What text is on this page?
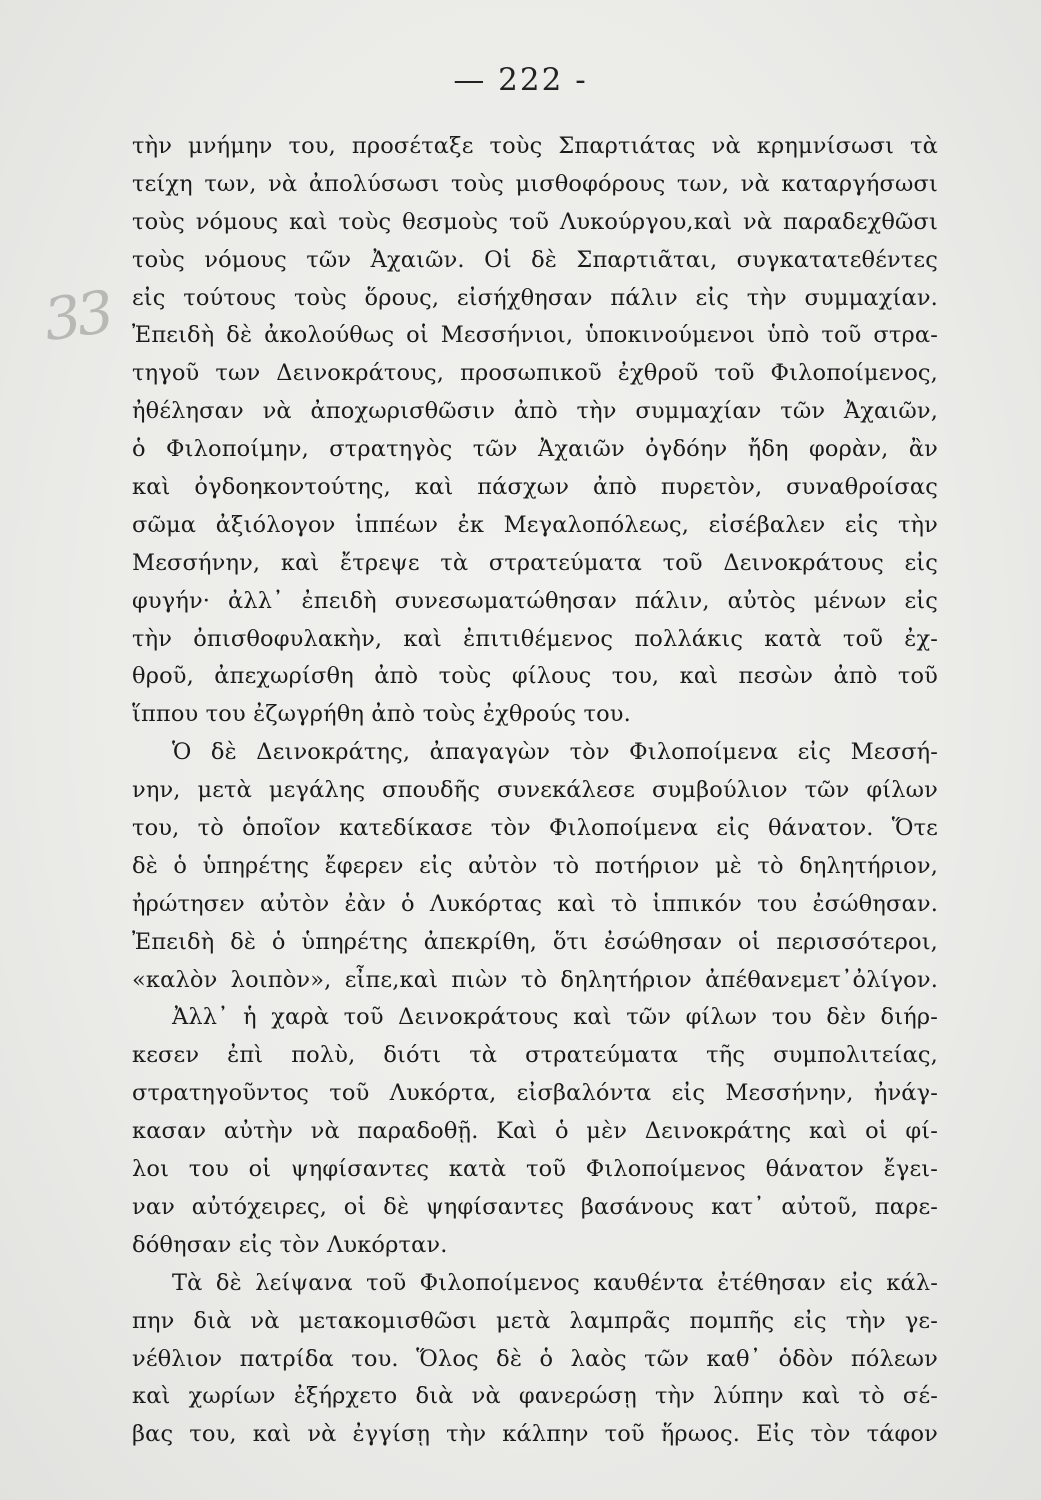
— 222 -
33
τὴν μνήμην του, προσέταξε τοὺς Σπαρτιάτας νὰ κρημνίσωσι τὰ
τείχη των, νὰ ἀπολύσωσι τοὺς μισθοφόρους των, νὰ καταργήσωσι
τοὺς νόμους καὶ τοὺς θεσμοὺς τοῦ Λυκούργου,καὶ νὰ παραδεχθῶσι
τοὺς νόμους τῶν Ἀχαιῶν. Οἱ δὲ Σπαρτιᾶται, συγκατατεθέντες
εἰς τούτους τοὺς ὅρους, εἰσήχθησαν πάλιν εἰς τὴν συμμαχίαν.
Ἐπειδὴ δὲ ἀκολούθως οἱ Μεσσήνιοι, ὑποκινούμενοι ὑπὸ τοῦ στρα-
τηγοῦ των Δεινοκράτους, προσωπικοῦ ἐχθροῦ τοῦ Φιλοποίμενος,
ἠθέλησαν νὰ ἀποχωρισθῶσιν ἀπὸ τὴν συμμαχίαν τῶν Ἀχαιῶν,
ὁ Φιλοποίμην, στρατηγὸς τῶν Ἀχαιῶν ὀγδόην ἤδη φορὰν, ἂν
καὶ ὀγδοηκοντούτης, καὶ πάσχων ἀπὸ πυρετὸν, συναθροίσας
σῶμα ἀξιόλογον ἱππέων ἐκ Μεγαλοπόλεως, εἰσέβαλεν εἰς τὴν
Μεσσήνην, καὶ ἔτρεψε τὰ στρατεύματα τοῦ Δεινοκράτους εἰς
φυγήν· ἀλλ᾽ ἐπειδὴ συνεσωματώθησαν πάλιν, αὐτὸς μένων εἰς
τὴν ὀπισθοφυλακὴν, καὶ ἐπιτιθέμενος πολλάκις κατὰ τοῦ ἐχ-
θροῦ, ἀπεχωρίσθη ἀπὸ τοὺς φίλους του, καὶ πεσὼν ἀπὸ τοῦ
ἵππου του ἐζωγρήθη ἀπὸ τοὺς ἐχθρούς του.
Ὁ δὲ Δεινοκράτης, ἀπαγαγὼν τὸν Φιλοποίμενα εἰς Μεσσή-
νην, μετὰ μεγάλης σπουδῆς συνεκάλεσε συμβούλιον τῶν φίλων
του, τὸ ὁποῖον κατεδίκασε τὸν Φιλοποίμενα εἰς θάνατον. Ὅτε
δὲ ὁ ὑπηρέτης ἔφερεν εἰς αὐτὸν τὸ ποτήριον μὲ τὸ δηλητήριον,
ἠρώτησεν αὐτὸν ἐὰν ὁ Λυκόρτας καὶ τὸ ἱππικόν του ἐσώθησαν.
Ἐπειδὴ δὲ ὁ ὑπηρέτης ἀπεκρίθη, ὅτι ἐσώθησαν οἱ περισσότεροι,
«καλὸν λοιπὸν», εἶπε,καὶ πιὼν τὸ δηλητήριον ἀπέθανεμετ᾽ὀλίγον.
Ἀλλ᾽ ἡ χαρὰ τοῦ Δεινοκράτους καὶ τῶν φίλων του δὲν διήρ-
κεσεν ἐπὶ πολὺ, διότι τὰ στρατεύματα τῆς συμπολιτείας,
στρατηγοῦντος τοῦ Λυκόρτα, εἰσβαλόντα εἰς Μεσσήνην, ἠνάγ-
κασαν αὐτὴν νὰ παραδοθῇ. Καὶ ὁ μὲν Δεινοκράτης καὶ οἱ φί-
λοι του οἱ ψηφίσαντες κατὰ τοῦ Φιλοποίμενος θάνατον ἔγει-
ναν αὐτόχειρες, οἱ δὲ ψηφίσαντες βασάνους κατ᾽ αὐτοῦ, παρε-
δόθησαν εἰς τὸν Λυκόρταν.
Τὰ δὲ λείψανα τοῦ Φιλοποίμενος καυθέντα ἐτέθησαν εἰς κάλ-
πην διὰ νὰ μετακομισθῶσι μετὰ λαμπρᾶς πομπῆς εἰς τὴν γε-
νέθλιον πατρίδα του. Ὅλος δὲ ὁ λαὸς τῶν καθ᾽ ὁδὸν πόλεων
καὶ χωρίων ἐξήρχετο διὰ νὰ φανερώσῃ τὴν λύπην καὶ τὸ σέ-
βας του, καὶ νὰ ἐγγίσῃ τὴν κάλπην τοῦ ἥρωος. Εἰς τὸν τάφον
